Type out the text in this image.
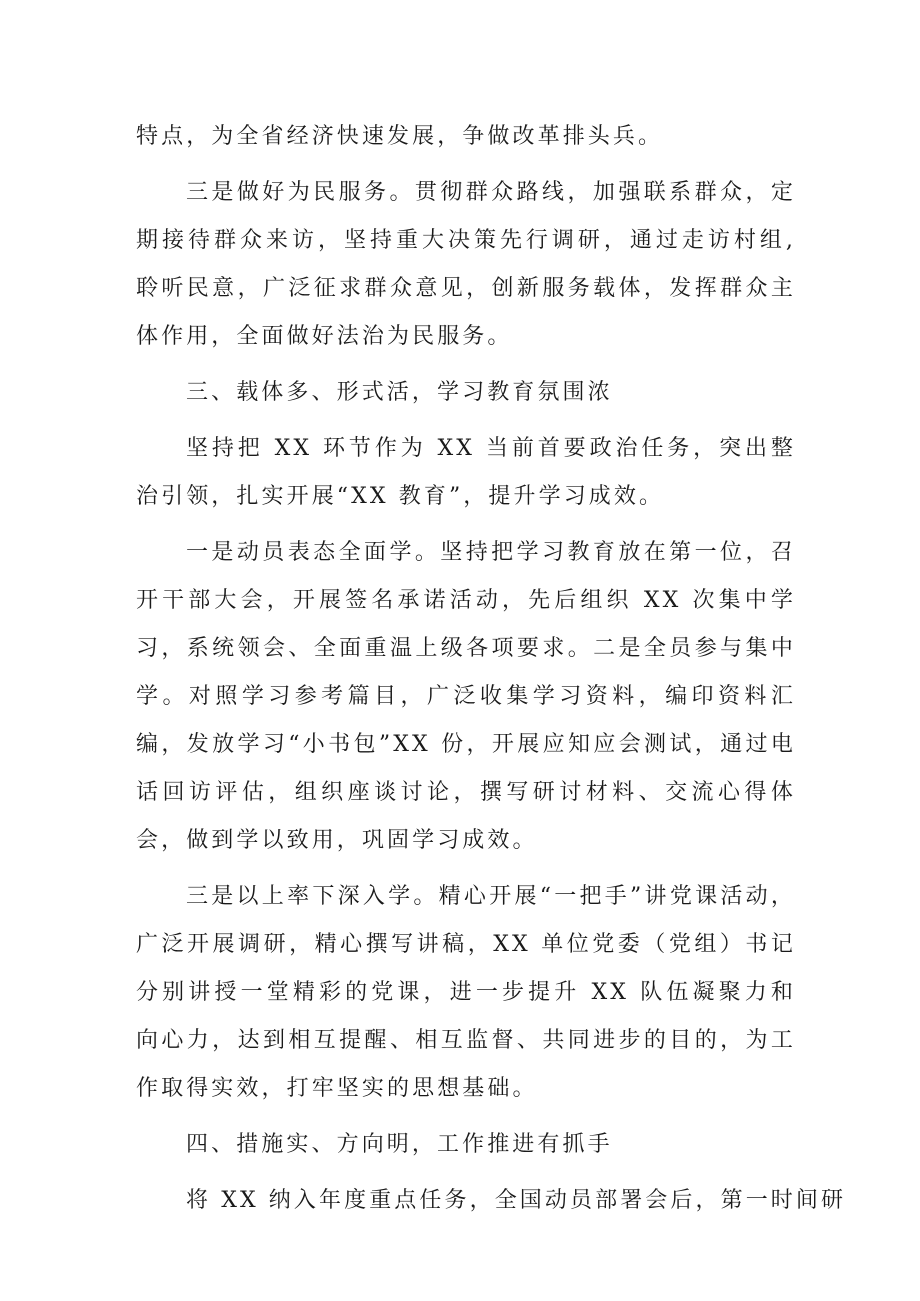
特点，为全省经济快速发展，争做改革排头兵。

三是做好为民服务。贯彻群众路线，加强联系群众，定期接待群众来访，坚持重大决策先行调研，通过走访村组,聆听民意，广泛征求群众意见，创新服务载体，发挥群众主体作用，全面做好法治为民服务。

三、载体多、形式活，学习教育氛围浓

坚持把 XX 环节作为 XX 当前首要政治任务，突出整治引领，扎实开展“XX 教育”，提升学习成效。

一是动员表态全面学。坚持把学习教育放在第一位，召开干部大会，开展签名承诺活动，先后组织 XX 次集中学习，系统领会、全面重温上级各项要求。二是全员参与集中学。对照学习参考篇目，广泛收集学习资料，编印资料汇编，发放学习“小书包”XX 份，开展应知应会测试，通过电话回访评估，组织座谈讨论，撰写研讨材料、交流心得体会，做到学以致用，巩固学习成效。

三是以上率下深入学。精心开展“一把手”讲党课活动，广泛开展调研，精心撰写讲稿，XX 单位党委（党组）书记分别讲授一堂精彩的党课，进一步提升 XX 队伍凝聚力和向心力，达到相互提醒、相互监督、共同进步的目的，为工作取得实效，打牢坚实的思想基础。

四、措施实、方向明，工作推进有抓手

将 XX 纳入年度重点任务，全国动员部署会后，第一时间研
